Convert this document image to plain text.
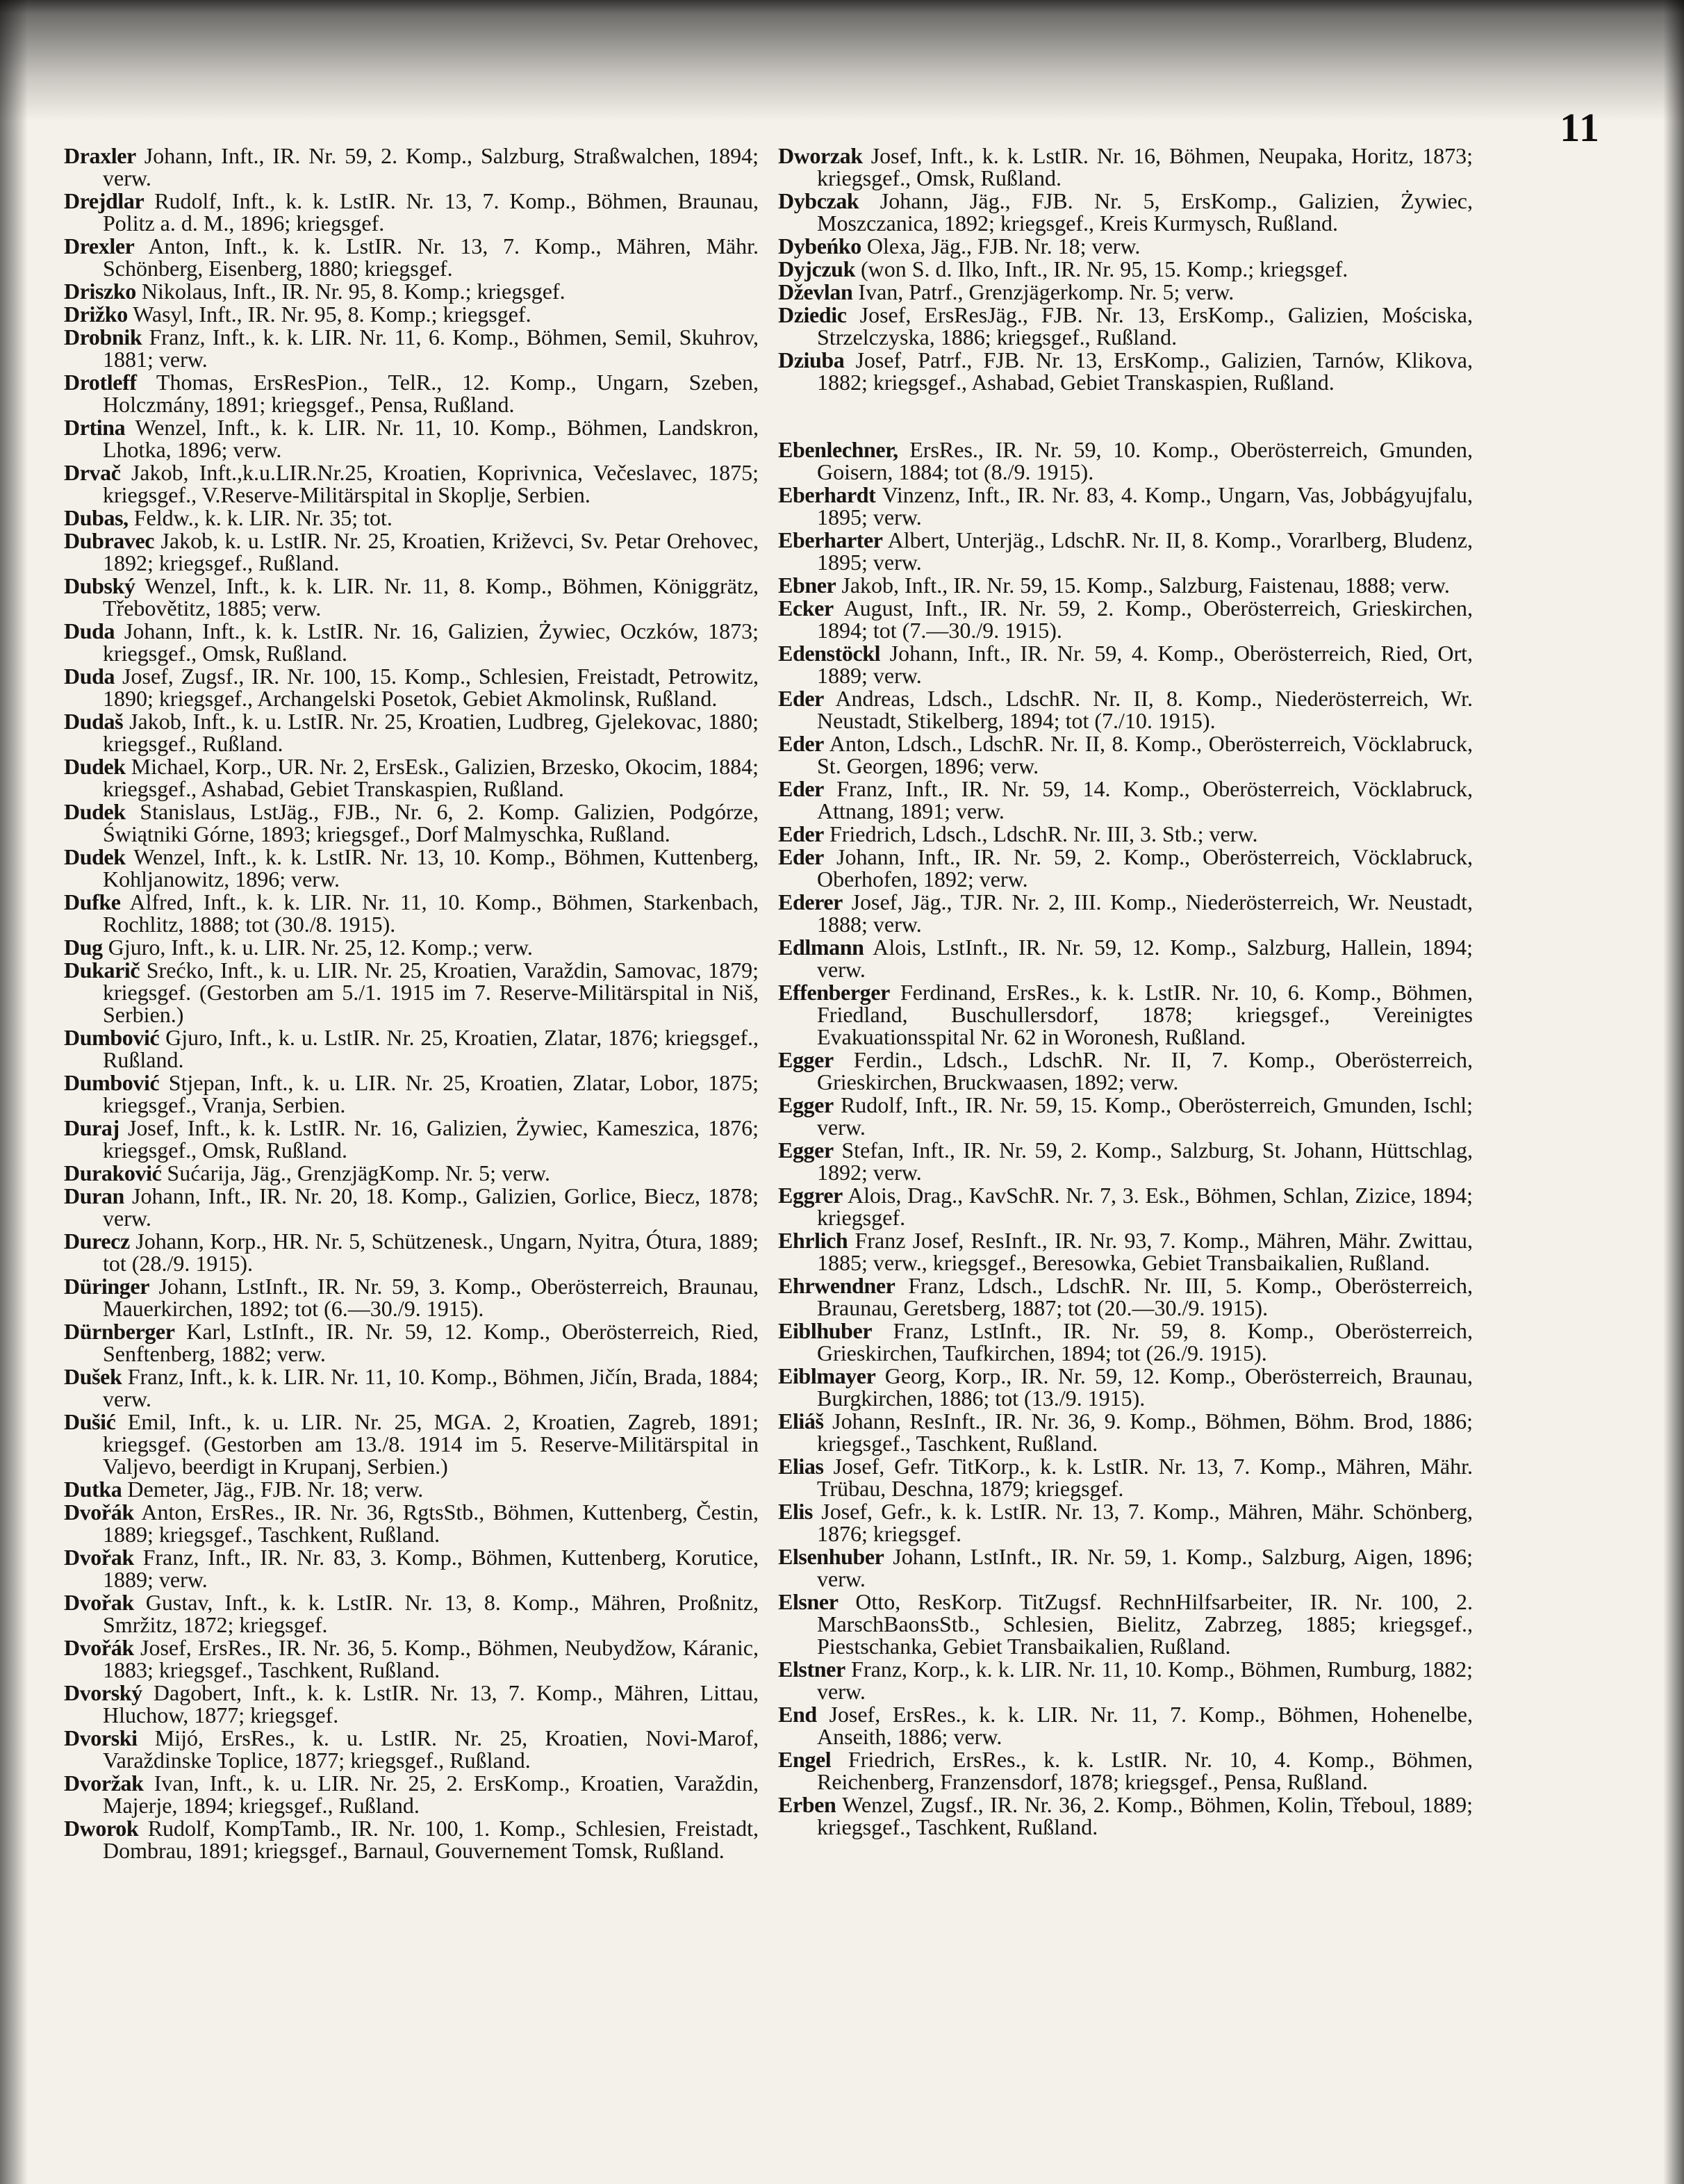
11

Draxler Johann, Inft., IR. Nr. 59, 2. Komp., Salzburg, Straßwalchen, 1894; verw.

Drejdlar Rudolf, Inft., k. k. LstIR. Nr. 13, 7. Komp., Böhmen, Braunau, Politz a. d. M., 1896; kriegsgef.

Drexler Anton, Inft., k. k. LstIR. Nr. 13, 7. Komp., Mähren, Mähr. Schönberg, Eisenberg, 1880; kriegsgef.

Driszko Nikolaus, Inft., IR. Nr. 95, 8. Komp.; kriegsgef.

Drižko Wasyl, Inft., IR. Nr. 95, 8. Komp.; kriegsgef.

Drobnik Franz, Inft., k. k. LIR. Nr. 11, 6. Komp., Böhmen, Semil, Skuhrov, 1881; verw.

Drotleff Thomas, ErsResPion., TelR., 12. Komp., Ungarn, Szeben, Holczmány, 1891; kriegsgef., Pensa, Rußland.

Drtina Wenzel, Inft., k. k. LIR. Nr. 11, 10. Komp., Böhmen, Landskron, Lhotka, 1896; verw.

Drvač Jakob, Inft.,k.u.LIR.Nr.25, Kroatien, Koprivnica, Večeslavec, 1875; kriegsgef., V.Reserve-Militärspital in Skoplje, Serbien.

Dubas, Feldw., k. k. LIR. Nr. 35; tot.

Dubravec Jakob, k. u. LstIR. Nr. 25, Kroatien, Križevci, Sv. Petar Orehovec, 1892; kriegsgef., Rußland.

Dubský Wenzel, Inft., k. k. LIR. Nr. 11, 8. Komp., Böhmen, Königgrätz, Třebovětitz, 1885; verw.

Duda Johann, Inft., k. k. LstIR. Nr. 16, Galizien, Żywiec, Oczków, 1873; kriegsgef., Omsk, Rußland.

Duda Josef, Zugsf., IR. Nr. 100, 15. Komp., Schlesien, Freistadt, Petrowitz, 1890; kriegsgef., Archangelski Posetok, Gebiet Akmolinsk, Rußland.

Dudaš Jakob, Inft., k. u. LstIR. Nr. 25, Kroatien, Ludbreg, Gjelekovac, 1880; kriegsgef., Rußland.

Dudek Michael, Korp., UR. Nr. 2, ErsEsk., Galizien, Brzesko, Okocim, 1884; kriegsgef., Ashabad, Gebiet Transkaspien, Rußland.

Dudek Stanislaus, LstJäg., FJB., Nr. 6, 2. Komp. Galizien, Podgórze, Świątniki Górne, 1893; kriegsgef., Dorf Malmyschka, Rußland.

Dudek Wenzel, Inft., k. k. LstIR. Nr. 13, 10. Komp., Böhmen, Kuttenberg, Kohljanowitz, 1896; verw.

Dufke Alfred, Inft., k. k. LIR. Nr. 11, 10. Komp., Böhmen, Starkenbach, Rochlitz, 1888; tot (30./8. 1915).

Dug Gjuro, Inft., k. u. LIR. Nr. 25, 12. Komp.; verw.

Dukarič Srećko, Inft., k. u. LIR. Nr. 25, Kroatien, Varaždin, Samovac, 1879; kriegsgef. (Gestorben am 5./1. 1915 im 7. Reserve-Militärspital in Niš, Serbien.)

Dumbović Gjuro, Inft., k. u. LstIR. Nr. 25, Kroatien, Zlatar, 1876; kriegsgef., Rußland.

Dumbović Stjepan, Inft., k. u. LIR. Nr. 25, Kroatien, Zlatar, Lobor, 1875; kriegsgef., Vranja, Serbien.

Duraj Josef, Inft., k. k. LstIR. Nr. 16, Galizien, Żywiec, Kameszica, 1876; kriegsgef., Omsk, Rußland.

Duraković Sućarija, Jäg., GrenzjägKomp. Nr. 5; verw.

Duran Johann, Inft., IR. Nr. 20, 18. Komp., Galizien, Gorlice, Biecz, 1878; verw.

Durecz Johann, Korp., HR. Nr. 5, Schützenesk., Ungarn, Nyitra, Ótura, 1889; tot (28./9. 1915).

Düringer Johann, LstInft., IR. Nr. 59, 3. Komp., Oberösterreich, Braunau, Mauerkirchen, 1892; tot (6.—30./9. 1915).

Dürnberger Karl, LstInft., IR. Nr. 59, 12. Komp., Oberösterreich, Ried, Senftenberg, 1882; verw.

Dušek Franz, Inft., k. k. LIR. Nr. 11, 10. Komp., Böhmen, Jičín, Brada, 1884; verw.

Dušić Emil, Inft., k. u. LIR. Nr. 25, MGA. 2, Kroatien, Zagreb, 1891; kriegsgef. (Gestorben am 13./8. 1914 im 5. Reserve-Militärspital in Valjevo, beerdigt in Krupanj, Serbien.)

Dutka Demeter, Jäg., FJB. Nr. 18; verw.

Dvořák Anton, ErsRes., IR. Nr. 36, RgtsStb., Böhmen, Kuttenberg, Čestin, 1889; kriegsgef., Taschkent, Rußland.

Dvořak Franz, Inft., IR. Nr. 83, 3. Komp., Böhmen, Kuttenberg, Korutice, 1889; verw.

Dvořak Gustav, Inft., k. k. LstIR. Nr. 13, 8. Komp., Mähren, Proßnitz, Smržitz, 1872; kriegsgef.

Dvořák Josef, ErsRes., IR. Nr. 36, 5. Komp., Böhmen, Neubydžow, Káranic, 1883; kriegsgef., Taschkent, Rußland.

Dvorský Dagobert, Inft., k. k. LstIR. Nr. 13, 7. Komp., Mähren, Littau, Hluchow, 1877; kriegsgef.

Dvorski Mijó, ErsRes., k. u. LstIR. Nr. 25, Kroatien, Novi-Marof, Varaždinske Toplice, 1877; kriegsgef., Rußland.

Dvoržak Ivan, Inft., k. u. LIR. Nr. 25, 2. ErsKomp., Kroatien, Varaždin, Majerje, 1894; kriegsgef., Rußland.

Dworok Rudolf, KompTamb., IR. Nr. 100, 1. Komp., Schlesien, Freistadt, Dombrau, 1891; kriegsgef., Barnaul, Gouvernement Tomsk, Rußland.

Dworzak Josef, Inft., k. k. LstIR. Nr. 16, Böhmen, Neupaka, Horitz, 1873; kriegsgef., Omsk, Rußland.

Dybczak Johann, Jäg., FJB. Nr. 5, ErsKomp., Galizien, Żywiec, Moszczanica, 1892; kriegsgef., Kreis Kurmysch, Rußland.

Dybeńko Olexa, Jäg., FJB. Nr. 18; verw.

Dyjczuk (won S. d. Ilko, Inft., IR. Nr. 95, 15. Komp.; kriegsgef.

Dževlan Ivan, Patrf., Grenzjägerkomp. Nr. 5; verw.

Dziedic Josef, ErsResJäg., FJB. Nr. 13, ErsKomp., Galizien, Mościska, Strzelczyska, 1886; kriegsgef., Rußland.

Dziuba Josef, Patrf., FJB. Nr. 13, ErsKomp., Galizien, Tarnów, Klikova, 1882; kriegsgef., Ashabad, Gebiet Transkaspien, Rußland.

Ebenlechner, ErsRes., IR. Nr. 59, 10. Komp., Oberösterreich, Gmunden, Goisern, 1884; tot (8./9. 1915).

Eberhardt Vinzenz, Inft., IR. Nr. 83, 4. Komp., Ungarn, Vas, Jobbágyujfalu, 1895; verw.

Eberharter Albert, Unterjäg., LdschR. Nr. II, 8. Komp., Vorarlberg, Bludenz, 1895; verw.

Ebner Jakob, Inft., IR. Nr. 59, 15. Komp., Salzburg, Faistenau, 1888; verw.

Ecker August, Inft., IR. Nr. 59, 2. Komp., Oberösterreich, Grieskirchen, 1894; tot (7.—30./9. 1915).

Edenstöckl Johann, Inft., IR. Nr. 59, 4. Komp., Oberösterreich, Ried, Ort, 1889; verw.

Eder Andreas, Ldsch., LdschR. Nr. II, 8. Komp., Niederösterreich, Wr. Neustadt, Stikelberg, 1894; tot (7./10. 1915).

Eder Anton, Ldsch., LdschR. Nr. II, 8. Komp., Oberösterreich, Vöcklabruck, St. Georgen, 1896; verw.

Eder Franz, Inft., IR. Nr. 59, 14. Komp., Oberösterreich, Vöcklabruck, Attnang, 1891; verw.

Eder Friedrich, Ldsch., LdschR. Nr. III, 3. Stb.; verw.

Eder Johann, Inft., IR. Nr. 59, 2. Komp., Oberösterreich, Vöcklabruck, Oberhofen, 1892; verw.

Ederer Josef, Jäg., TJR. Nr. 2, III. Komp., Niederösterreich, Wr. Neustadt, 1888; verw.

Edlmann Alois, LstInft., IR. Nr. 59, 12. Komp., Salzburg, Hallein, 1894; verw.

Effenberger Ferdinand, ErsRes., k. k. LstIR. Nr. 10, 6. Komp., Böhmen, Friedland, Buschullersdorf, 1878; kriegsgef., Vereinigtes Evakuationsspital Nr. 62 in Woronesh, Rußland.

Egger Ferdin., Ldsch., LdschR. Nr. II, 7. Komp., Oberösterreich, Grieskirchen, Bruckwaasen, 1892; verw.

Egger Rudolf, Inft., IR. Nr. 59, 15. Komp., Oberösterreich, Gmunden, Ischl; verw.

Egger Stefan, Inft., IR. Nr. 59, 2. Komp., Salzburg, St. Johann, Hüttschlag, 1892; verw.

Eggrer Alois, Drag., KavSchR. Nr. 7, 3. Esk., Böhmen, Schlan, Zizice, 1894; kriegsgef.

Ehrlich Franz Josef, ResInft., IR. Nr. 93, 7. Komp., Mähren, Mähr. Zwittau, 1885; verw., kriegsgef., Beresowka, Gebiet Transbaikalien, Rußland.

Ehrwendner Franz, Ldsch., LdschR. Nr. III, 5. Komp., Oberösterreich, Braunau, Geretsberg, 1887; tot (20.—30./9. 1915).

Eiblhuber Franz, LstInft., IR. Nr. 59, 8. Komp., Oberösterreich, Grieskirchen, Taufkirchen, 1894; tot (26./9. 1915).

Eiblmayer Georg, Korp., IR. Nr. 59, 12. Komp., Oberösterreich, Braunau, Burgkirchen, 1886; tot (13./9. 1915).

Eliáš Johann, ResInft., IR. Nr. 36, 9. Komp., Böhmen, Böhm. Brod, 1886; kriegsgef., Taschkent, Rußland.

Elias Josef, Gefr. TitKorp., k. k. LstIR. Nr. 13, 7. Komp., Mähren, Mähr. Trübau, Deschna, 1879; kriegsgef.

Elis Josef, Gefr., k. k. LstIR. Nr. 13, 7. Komp., Mähren, Mähr. Schönberg, 1876; kriegsgef.

Elsenhuber Johann, LstInft., IR. Nr. 59, 1. Komp., Salzburg, Aigen, 1896; verw.

Elsner Otto, ResKorp. TitZugsf. RechnHilfsarbeiter, IR. Nr. 100, 2. MarschBaonsStb., Schlesien, Bielitz, Zabrzeg, 1885; kriegsgef., Piestschanka, Gebiet Transbaikalien, Rußland.

Elstner Franz, Korp., k. k. LIR. Nr. 11, 10. Komp., Böhmen, Rumburg, 1882; verw.

End Josef, ErsRes., k. k. LIR. Nr. 11, 7. Komp., Böhmen, Hohenelbe, Anseith, 1886; verw.

Engel Friedrich, ErsRes., k. k. LstIR. Nr. 10, 4. Komp., Böhmen, Reichenberg, Franzensdorf, 1878; kriegsgef., Pensa, Rußland.

Erben Wenzel, Zugsf., IR. Nr. 36, 2. Komp., Böhmen, Kolin, Třeboul, 1889; kriegsgef., Taschkent, Rußland.
